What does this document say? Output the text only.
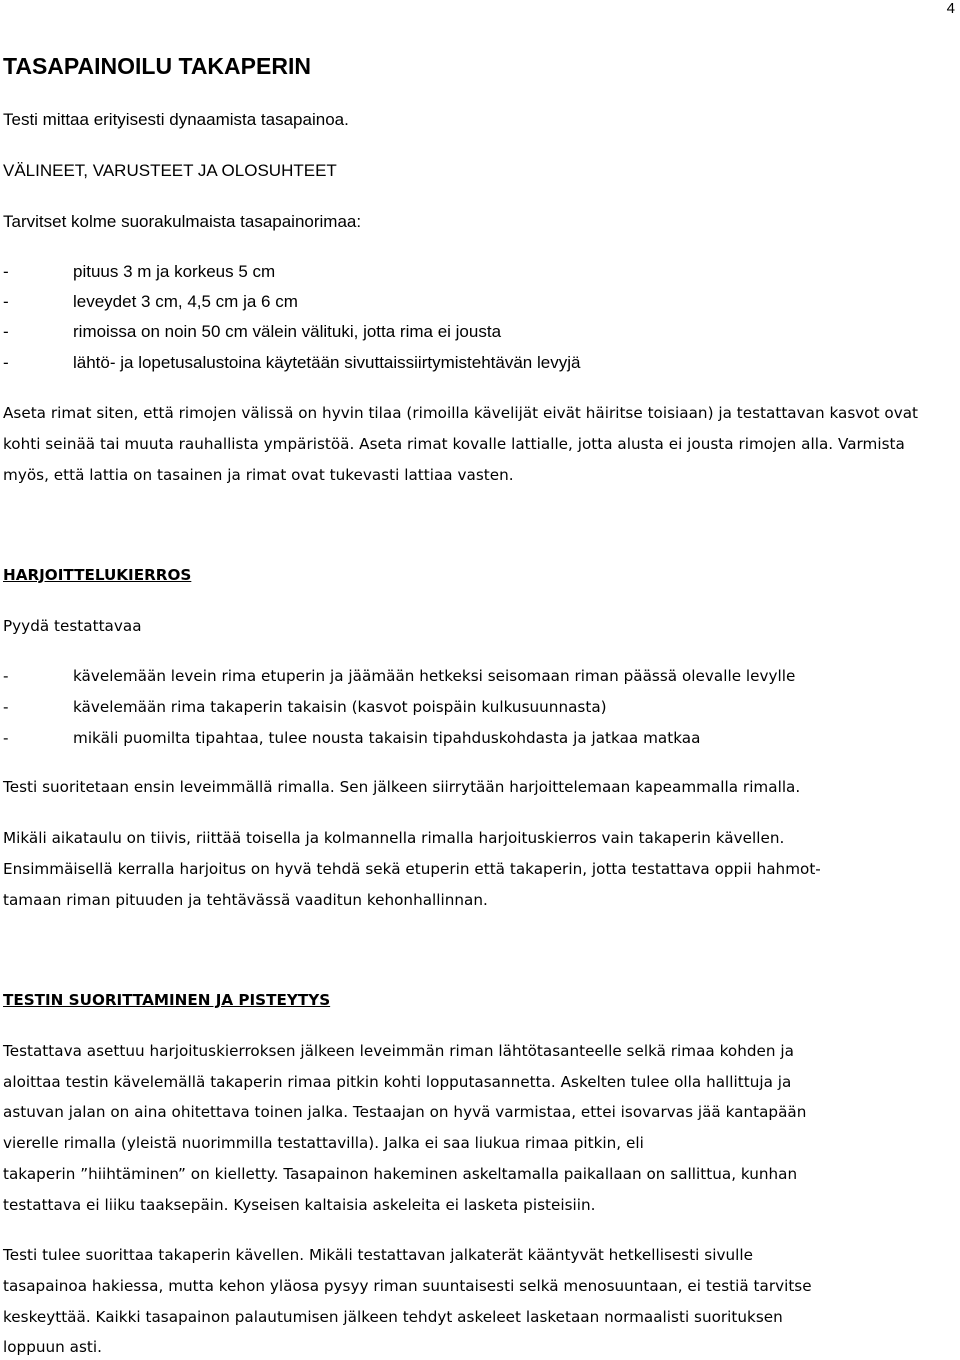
4
TASAPAINOILU TAKAPERIN
Testi mittaa erityisesti dynaamista tasapainoa.
VÄLINEET, VARUSTEET JA OLOSUHTEET
Tarvitset kolme suorakulmaista tasapainorimaa:
-	pituus 3 m ja korkeus 5 cm
-	leveydet 3 cm, 4,5 cm ja 6 cm
-	rimoissa on noin 50 cm välein välituki, jotta rima ei jousta
-	lähtö- ja lopetusalustoina käytetään sivuttaissiirtymistehtävän levyjä
Aseta rimat siten, että rimojen välissä on hyvin tilaa (rimoilla kävelijät eivät häiritse toisiaan) ja testattavan kasvot ovat kohti seinää tai muuta rauhallista ympäristöä. Aseta rimat kovalle lattialle, jotta alusta ei jousta rimojen alla. Varmista myös, että lattia on tasainen ja rimat ovat tukevasti lattiaa vasten.
HARJOITTELUKIERROS
Pyydä testattavaa
-	kävelemään levein rima etuperin ja jäämään hetkeksi seisomaan riman päässä olevalle levylle
-	kävelemään rima takaperin takaisin (kasvot poispäin kulkusuunnasta)
-	mikäli puomilta tipahtaa, tulee nousta takaisin tipahduskohdasta ja jatkaa matkaa
Testi suoritetaan ensin leveimmällä rimalla. Sen jälkeen siirrytään harjoittelemaan kapeammalla rimalla.
Mikäli aikataulu on tiivis, riittää toisella ja kolmannella rimalla harjoituskierros vain takaperin kävellen.
Ensimmäisellä kerralla harjoitus on hyvä tehdä sekä etuperin että takaperin, jotta testattava oppii hahmot-
tamaan riman pituuden ja tehtävässä vaaditun kehonhallinnan.
TESTIN SUORITTAMINEN JA PISTEYTYS
Testattava asettuu harjoituskierroksen jälkeen leveimmän riman lähtötasanteelle selkä rimaa kohden ja
aloittaa testin kävelemällä takaperin rimaa pitkin kohti lopputasannetta. Askelten tulee olla hallittuja ja
astuvan jalan on aina ohitettava toinen jalka. Testaajan on hyvä varmistaa, ettei isovarvas jää kantapään
vierelle rimalla (yleistä nuorimmilla testattavilla). Jalka ei saa liukua rimaa pitkin, eli
takaperin ”hiihtäminen” on kielletty. Tasapainon hakeminen askeltamalla paikallaan on sallittua, kunhan
testattava ei liiku taaksepäin. Kyseisen kaltaisia askeleita ei lasketa pisteisiin.
Testi tulee suorittaa takaperin kävellen. Mikäli testattavan jalkaterät kääntyvät hetkellisesti sivulle
tasapainoa hakiessa, mutta kehon yläosa pysyy riman suuntaisesti selkä menosuuntaan, ei testiä tarvitse
keskeyttää. Kaikki tasapainon palautumisen jälkeen tehdyt askeleet lasketaan normaalisti suorituksen
loppuun asti.
